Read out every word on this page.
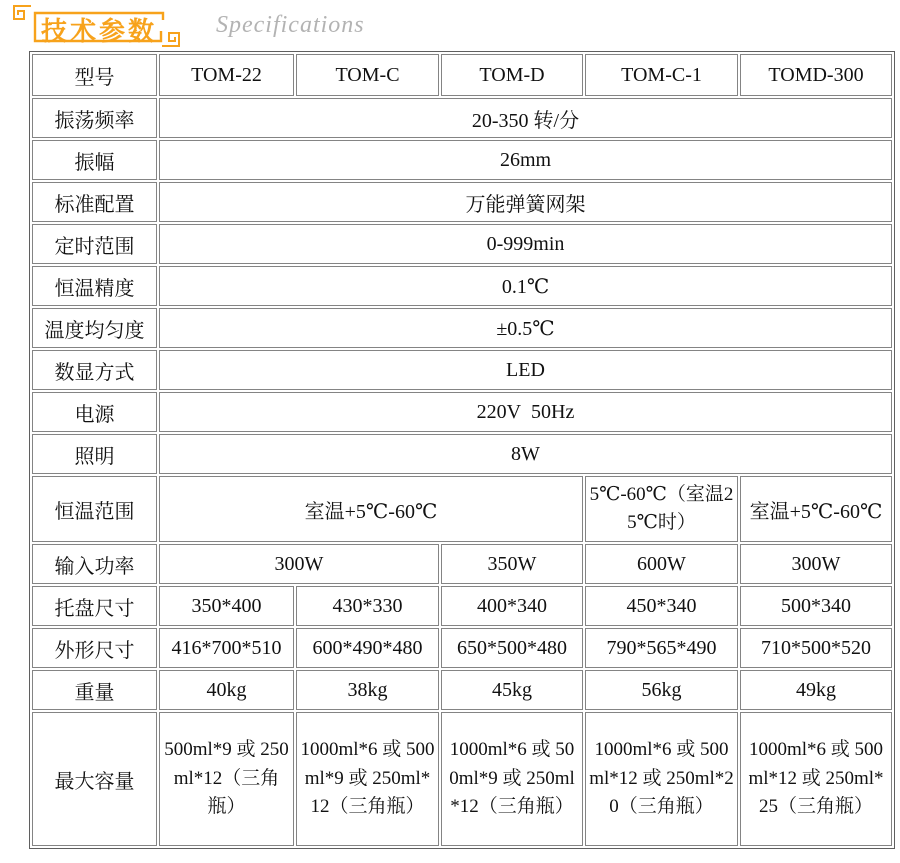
技术参数 Specifications
型号	TOM-22	TOM-C	TOM-D	TOM-C-1	TOMD-300
振荡频率	20-350 转/分				
振幅	26mm				
标准配置	万能弹簧网架				
定时范围	0-999min				
恒温精度	0.1℃				
温度均匀度	±0.5℃				
数显方式	LED				
电源	220V  50Hz				
照明	8W				
恒温范围	室温+5℃-60℃			5℃-60℃（室温25℃时）	室温+5℃-60℃
输入功率	300W		350W	600W	300W
托盘尺寸	350*400	430*330	400*340	450*340	500*340
外形尺寸	416*700*510	600*490*480	650*500*480	790*565*490	710*500*520
重量	40kg	38kg	45kg	56kg	49kg
最大容量	500ml*9 或 250ml*12（三角瓶）	1000ml*6 或 500ml*9 或 250ml*12（三角瓶）	1000ml*6 或 500ml*9 或 250ml*12（三角瓶）	1000ml*6 或 500ml*12 或 250ml*20（三角瓶）	1000ml*6 或 500ml*12 或 250ml*25（三角瓶）
